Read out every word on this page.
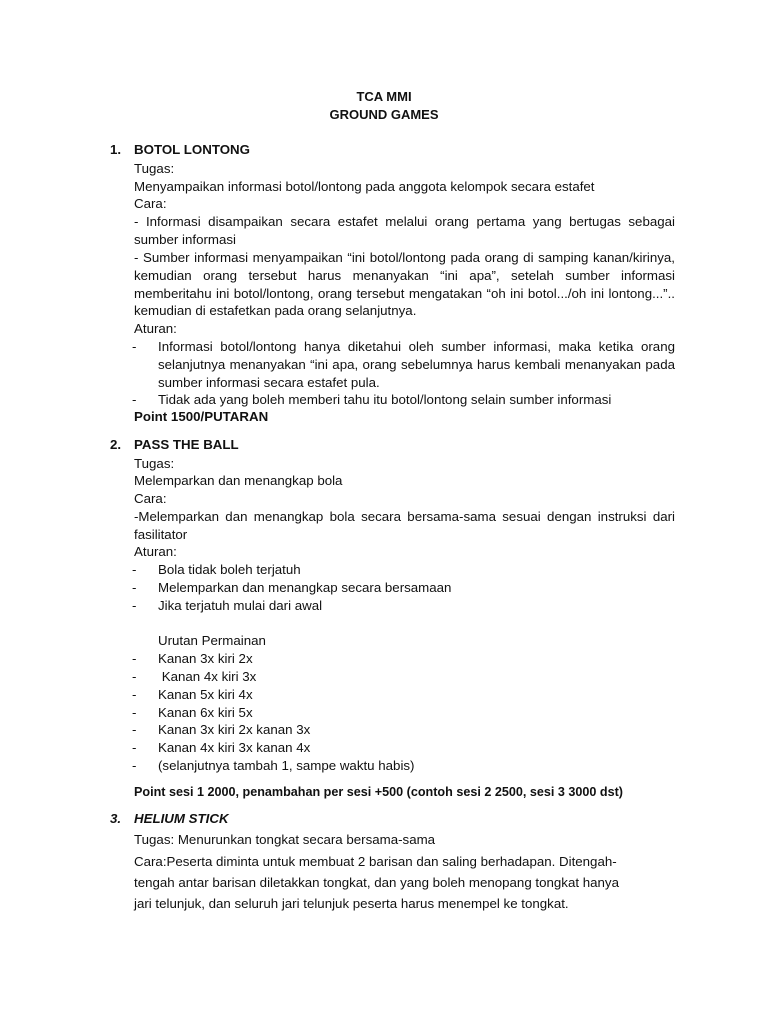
TCA MMI
GROUND GAMES
1. BOTOL LONTONG
Tugas:
Menyampaikan informasi botol/lontong pada anggota kelompok secara estafet
Cara:
- Informasi disampaikan secara estafet melalui orang pertama yang bertugas sebagai sumber informasi
- Sumber informasi menyampaikan “ini botol/lontong pada orang di samping kanan/kirinya, kemudian orang tersebut harus menanyakan “ini apa”, setelah sumber informasi memberitahu ini botol/lontong, orang tersebut mengatakan “oh ini botol.../oh ini lontong...”.. kemudian di estafetkan pada orang selanjutnya.
Aturan:
- Informasi botol/lontong hanya diketahui oleh sumber informasi, maka ketika orang selanjutnya menanyakan “ini apa, orang sebelumnya harus kembali menanyakan pada sumber informasi secara estafet pula.
- Tidak ada yang boleh memberi tahu itu botol/lontong selain sumber informasi
Point 1500/PUTARAN
2. PASS THE BALL
Tugas:
Melemparkan dan menangkap bola
Cara:
-Melemparkan dan menangkap bola secara bersama-sama sesuai dengan instruksi dari fasilitator
Aturan:
- Bola tidak boleh terjatuh
- Melemparkan dan menangkap secara bersamaan
- Jika terjatuh mulai dari awal
Urutan Permainan
- Kanan 3x kiri 2x
- Kanan 4x kiri 3x
- Kanan 5x kiri 4x
- Kanan 6x kiri 5x
- Kanan 3x kiri 2x kanan 3x
- Kanan 4x kiri 3x kanan 4x
- (selanjutnya tambah 1, sampe waktu habis)
Point sesi 1 2000, penambahan per sesi +500 (contoh sesi 2 2500, sesi 3 3000 dst)
3. HELIUM STICK
Tugas: Menurunkan tongkat secara bersama-sama
Cara:Peserta diminta untuk membuat 2 barisan dan saling berhadapan. Ditengah-
tengah antar barisan diletakkan tongkat, dan yang boleh menopang tongkat hanya
jari telunjuk, dan seluruh jari telunjuk peserta harus menempel ke tongkat.
